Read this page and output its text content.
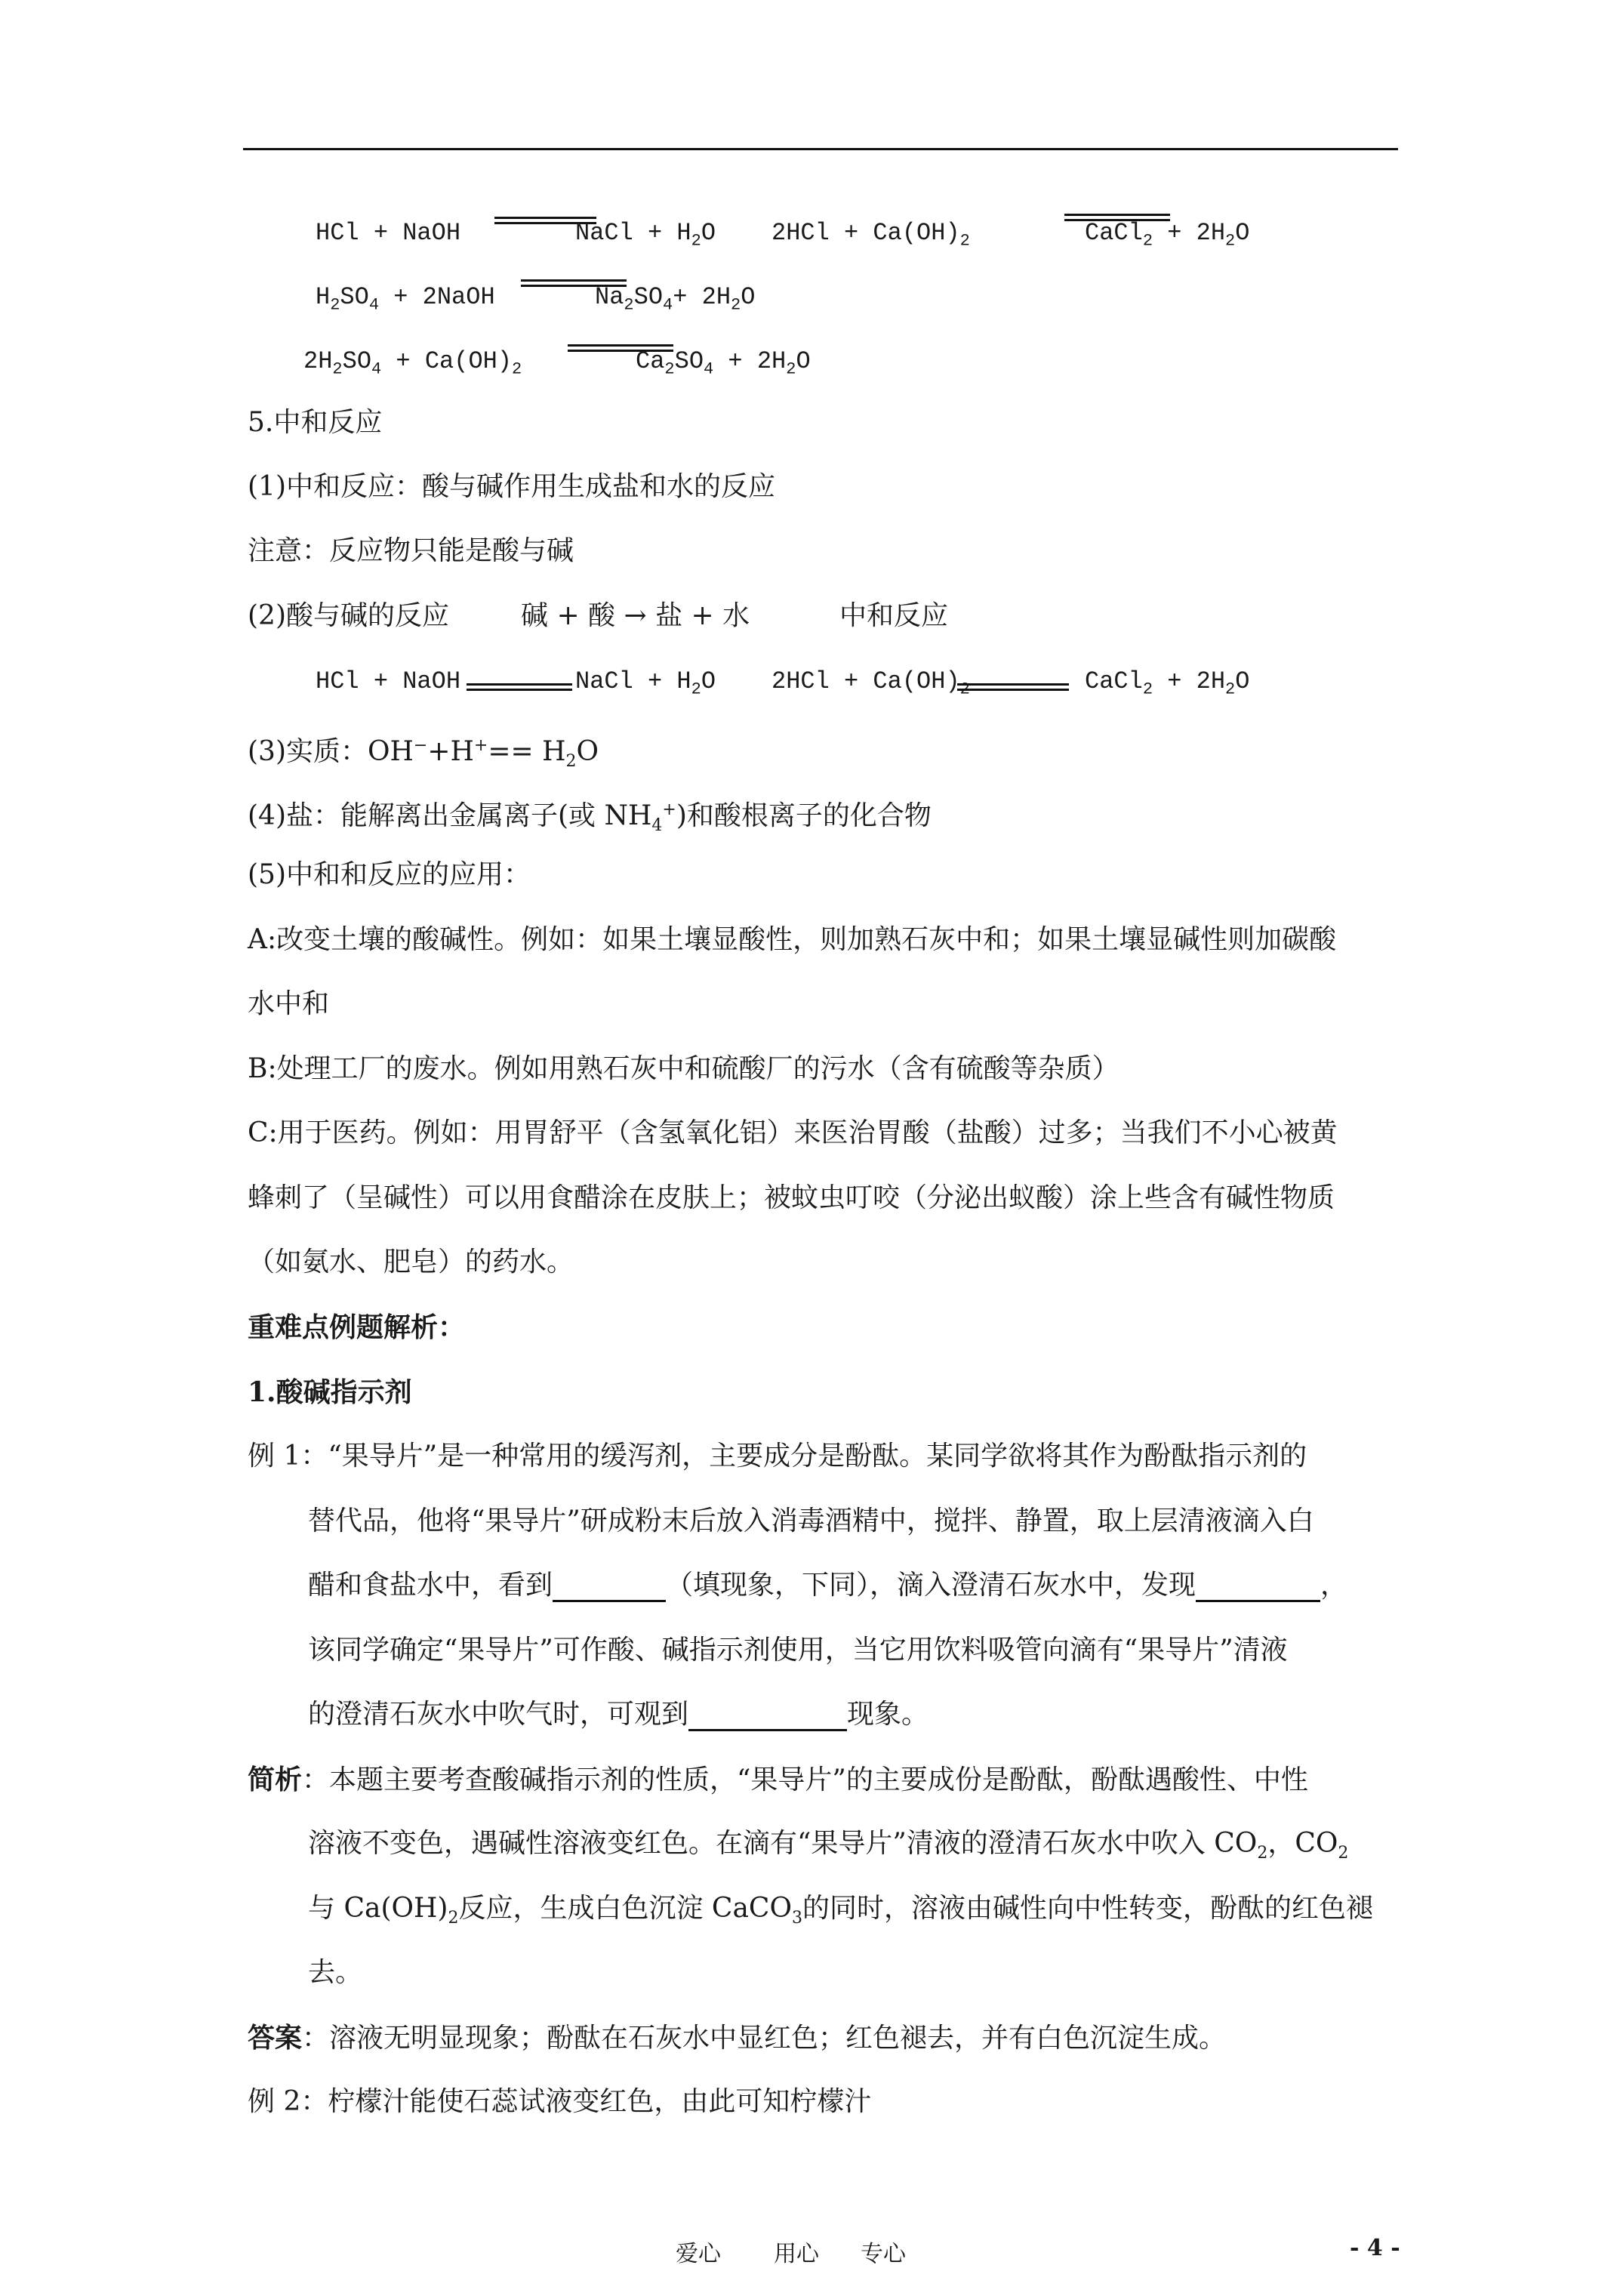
HCl + NaOH	NaCl + $H_2O$ $2HCl + Ca(OH)_2$	CaCl$_2$ + $2H_2O$
$H_2SO_4$ + 2NaOH	$Na_2SO_4+ 2H_2O$
$2H_2SO_4 + Ca(OH)_2$	$Ca_2SO_4 + 2H_2O$
5.中和反应
(1)中和反应：酸与碱作用生成盐和水的反应
注意：反应物只能是酸与碱
(2)酸与碱的反应	碱 + 酸 → 盐 + 水	中和反应
HCl + NaOH	NaCl + $H_2O$ $2HCl + Ca(OH)_2$	CaCl$_2$ + $2H_2O$
(3)实质：$OH^-+H^+== H_2O$
(4)盐：能解离出金属离子(或 $NH_4^+$)和酸根离子的化合物
(5)中和和反应的应用：
A:改变土壤的酸碱性。例如：如果土壤显酸性，则加熟石灰中和；如果土壤显碱性则加碳酸
水中和
B:处理工厂的废水。例如用熟石灰中和硫酸厂的污水（含有硫酸等杂质）
C:用于医药。例如：用胃舒平（含氢氧化铝）来医治胃酸（盐酸）过多；当我们不小心被黄
蜂刺了（呈碱性）可以用食醋涂在皮肤上；被蚊虫叮咬（分泌出蚁酸）涂上些含有碱性物质
（如氨水、肥皂）的药水。
重难点例题解析：
1.酸碱指示剂
例 1：“果导片”是一种常用的缓泻剂，主要成分是酚酞。某同学欲将其作为酚酞指示剂的
替代品，他将“果导片”研成粉末后放入消毒酒精中，搅拌、静置，取上层清液滴入白
醋和食盐水中，看到	（填现象，下同），滴入澄清石灰水中，发现	，
该同学确定“果导片”可作酸、碱指示剂使用，当它用饮料吸管向滴有“果导片”清液
的澄清石灰水中吹气时，可观到	现象。
简析：本题主要考查酸碱指示剂的性质，“果导片”的主要成份是酚酞，酚酞遇酸性、中性
溶液不变色，遇碱性溶液变红色。在滴有“果导片”清液的澄清石灰水中吹入 $CO_2$，$CO_2$
与 $Ca(OH)_2$反应，生成白色沉淀 CaCO$_3$的同时，溶液由碱性向中性转变，酚酞的红色褪
去。
答案：溶液无明显现象；酚酞在石灰水中显红色；红色褪去，并有白色沉淀生成。
例 2：柠檬汁能使石蕊试液变红色，由此可知柠檬汁
爱心 用心 专心	- 4 -
